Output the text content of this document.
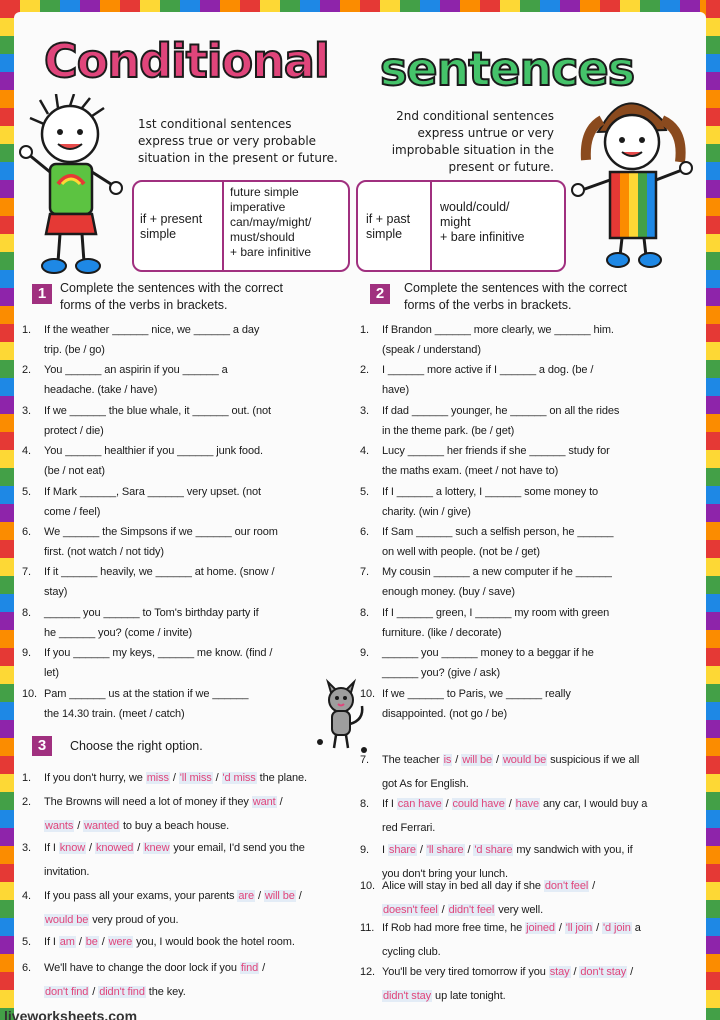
Conditional sentences
1st conditional sentences
express true or very probable
situation in the present or future.
2nd conditional sentences
express untrue or very
improbable situation in the
present or future.
if + present
simple
future simple
imperative
can/may/might/
must/should
+ bare infinitive
if + past
simple
would/could/
might
+ bare infinitive
1	Complete the sentences with the correct
forms of the verbs in brackets.
2	Complete the sentences with the correct
forms of the verbs in brackets.
1. If the weather ______ nice, we ______ a day
trip. (be / go)
2. You ______ an aspirin if you ______ a
headache. (take / have)
3. If we ______ the blue whale, it ______ out. (not
protect / die)
4. You ______ healthier if you ______ junk food.
(be / not eat)
5. If Mark ______, Sara ______ very upset. (not
come / feel)
6. We ______ the Simpsons if we ______ our room
first. (not watch / not tidy)
7. If it ______ heavily, we ______ at home. (snow /
stay)
8. ______ you ______ to Tom's birthday party if
he ______ you? (come / invite)
9. If you ______ my keys, ______ me know. (find /
let)
10. Pam ______ us at the station if we ______
the 14.30 train. (meet / catch)
1. If Brandon ______ more clearly, we ______ him.
(speak / understand)
2. I ______ more active if I ______ a dog. (be /
have)
3. If dad ______ younger, he ______ on all the rides
in the theme park. (be / get)
4. Lucy ______ her friends if she ______ study for
the maths exam. (meet / not have to)
5. If I ______ a lottery, I ______ some money to
charity. (win / give)
6. If Sam ______ such a selfish person, he ______
on well with people. (not be / get)
7. My cousin ______ a new computer if he ______
enough money. (buy / save)
8. If I ______ green, I ______ my room with green
furniture. (like / decorate)
9. ______ you ______ money to a beggar if he
______ you? (give / ask)
10. If we ______ to Paris, we ______ really
disappointed. (not go / be)
3	Choose the right option.
1. If you don't hurry, we miss / 'll miss / 'd miss the plane.
2. The Browns will need a lot of money if they want /
wants / wanted to buy a beach house.
3. If I know / knowed / knew your email, I'd send you the
invitation.
4. If you pass all your exams, your parents are / will be /
would be very proud of you.
5. If I am / be / were you, I would book the hotel room.
6. We'll have to change the door lock if you find /
don't find / didn't find the key.
7. The teacher is / will be / would be suspicious if we all
got As for English.
8. If I can have / could have / have any car, I would buy a
red Ferrari.
9. I share / 'll share / 'd share my sandwich with you, if
you don't bring your lunch.
10. Alice will stay in bed all day if she don't feel /
doesn't feel / didn't feel very well.
11. If Rob had more free time, he joined / 'll join / 'd join a
cycling club.
12. You'll be very tired tomorrow if you stay / don't stay /
didn't stay up late tonight.
liveworksheets.com
